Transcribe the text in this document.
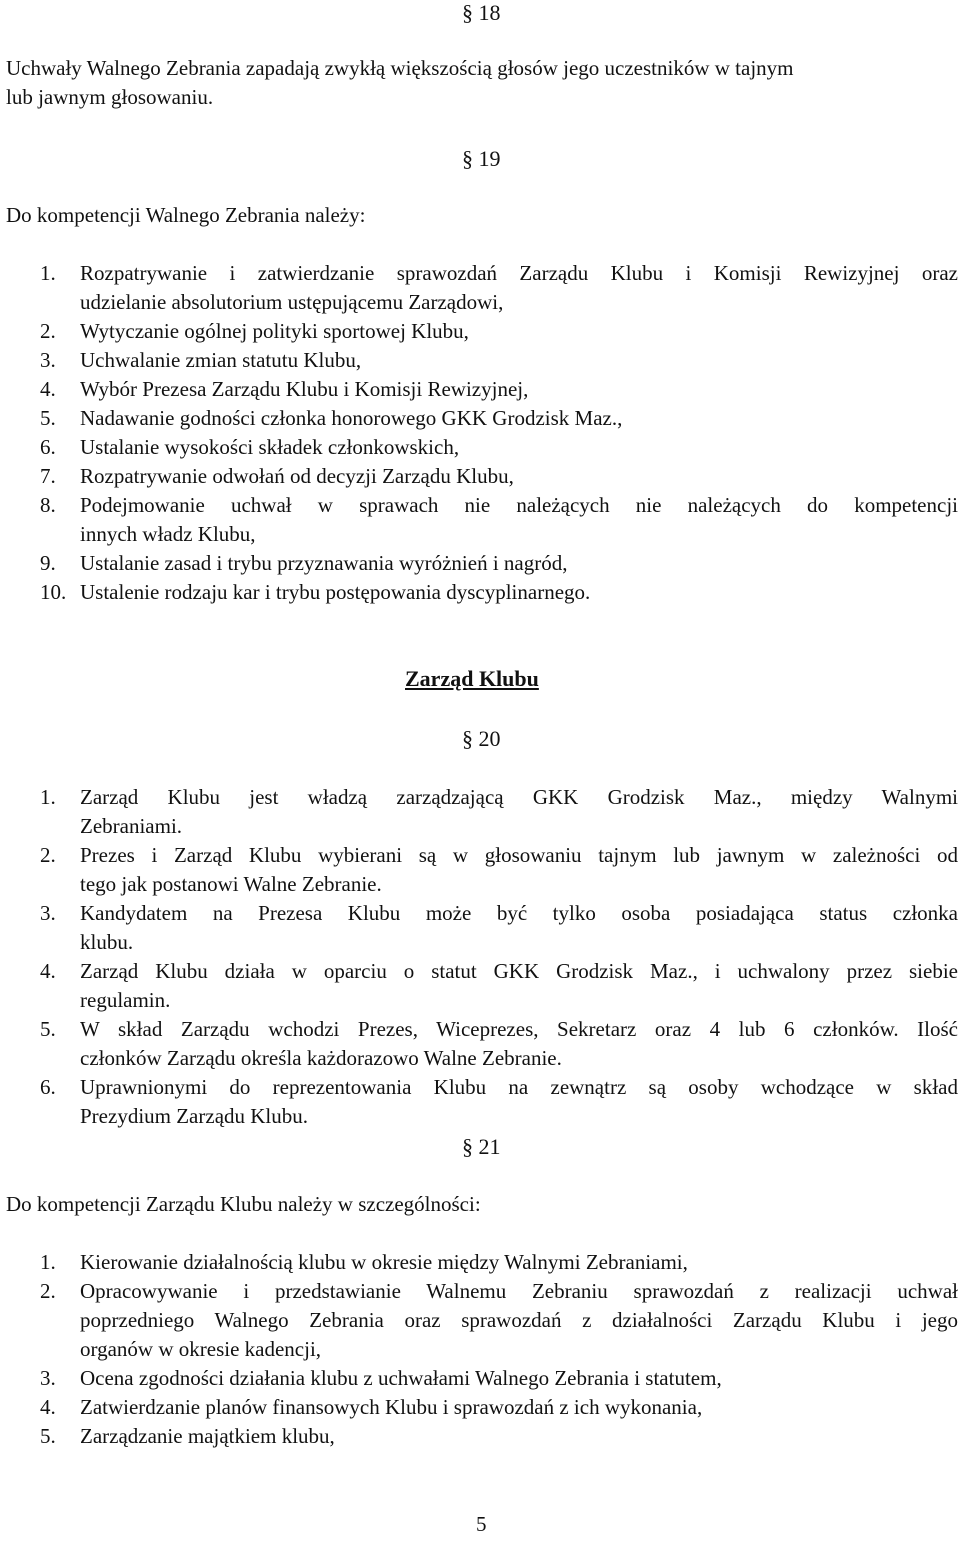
§ 18
Uchwały Walnego Zebrania zapadają zwykłą większością głosów jego uczestników w tajnym
lub jawnym głosowaniu.
§ 19
Do kompetencji Walnego Zebrania należy:
1. Rozpatrywanie i zatwierdzanie sprawozdań Zarządu Klubu i Komisji Rewizyjnej oraz
udzielanie absolutorium ustępującemu Zarządowi,
2. Wytyczanie ogólnej polityki sportowej Klubu,
3. Uchwalanie zmian statutu Klubu,
4. Wybór Prezesa Zarządu Klubu i Komisji Rewizyjnej,
5. Nadawanie godności członka honorowego GKK Grodzisk Maz.,
6. Ustalanie wysokości składek członkowskich,
7. Rozpatrywanie odwołań od decyzji Zarządu Klubu,
8. Podejmowanie uchwał w sprawach nie należących nie należących do kompetencji
innych władz Klubu,
9. Ustalanie zasad i trybu przyznawania wyróżnień i nagród,
10. Ustalenie rodzaju kar i trybu postępowania dyscyplinarnego.
Zarząd Klubu
§ 20
1. Zarząd Klubu jest władzą zarządzającą GKK Grodzisk Maz., między Walnymi
Zebraniami.
2. Prezes i Zarząd Klubu wybierani są w głosowaniu tajnym lub jawnym w zależności od
tego jak postanowi Walne Zebranie.
3. Kandydatem na Prezesa Klubu może być tylko osoba posiadająca status członka
klubu.
4. Zarząd Klubu działa w oparciu o statut GKK Grodzisk Maz., i uchwalony przez siebie
regulamin.
5. W skład Zarządu wchodzi Prezes, Wiceprezes, Sekretarz oraz 4 lub 6 członków. Ilość
członków Zarządu określa każdorazowo Walne Zebranie.
6. Uprawnionymi do reprezentowania Klubu na zewnątrz są osoby wchodzące w skład
Prezydium Zarządu Klubu.
§ 21
Do kompetencji Zarządu Klubu należy w szczególności:
1. Kierowanie działalnością klubu w okresie między Walnymi Zebraniami,
2. Opracowywanie i przedstawianie Walnemu Zebraniu sprawozdań z realizacji uchwał
poprzedniego Walnego Zebrania oraz sprawozdań z działalności Zarządu Klubu i jego
organów w okresie kadencji,
3. Ocena zgodności działania klubu z uchwałami Walnego Zebrania i statutem,
4. Zatwierdzanie planów finansowych Klubu i sprawozdań z ich wykonania,
5. Zarządzanie majątkiem klubu,
5
